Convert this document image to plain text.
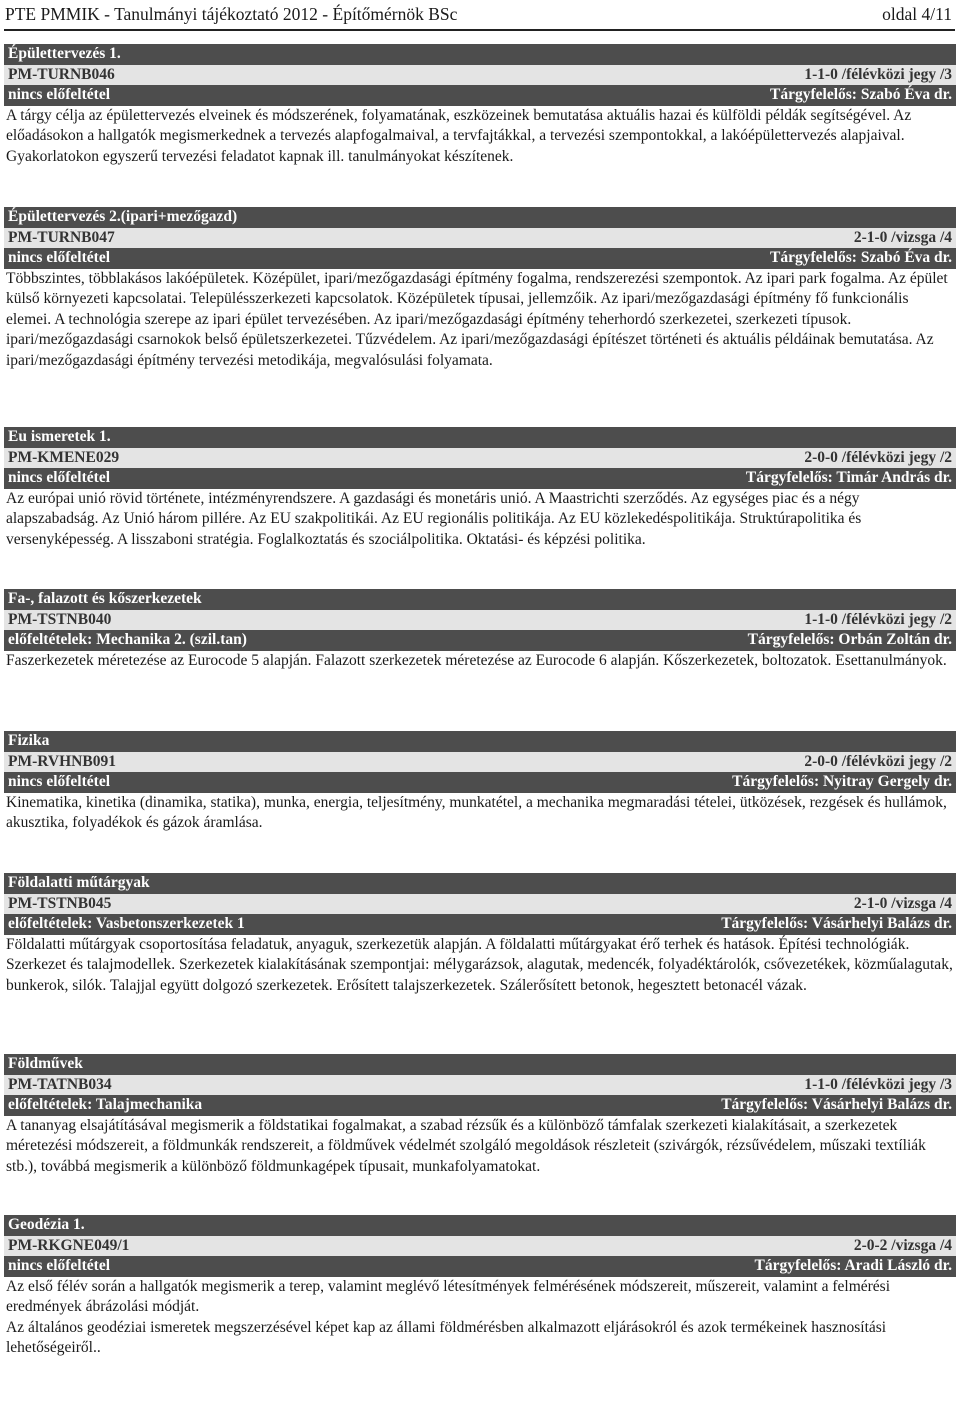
PTE PMMIK - Tanulmányi tájékoztató 2012 - Építőmérnök BSc	oldal 4/11
Épülettervezés 1.
PM-TURNB046	1-1-0 /félévközi jegy /3
nincs előfeltétel	Tárgyfelelős: Szabó Éva dr.

A tárgy célja az épülettervezés elveinek és módszerének, folyamatának, eszközeinek bemutatása aktuális hazai és külföldi példák segítségével. Az előadásokon a hallgatók megismerkednek a tervezés alapfogalmaival, a tervfajtákkal, a tervezési szempontokkal, a lakóépülettervezés alapjaival. Gyakorlatokon egyszerű tervezési feladatot kapnak ill. tanulmányokat készítenek.

Épülettervezés 2.(ipari+mezőgazd)
PM-TURNB047	2-1-0 /vizsga /4
nincs előfeltétel	Tárgyfelelős: Szabó Éva dr.

Többszintes, többlakásos lakóépületek. Középület, ipari/mezőgazdasági építmény fogalma, rendszerezési szempontok. Az ipari park fogalma. Az épület külső környezeti kapcsolatai. Településszerkezeti kapcsolatok. Középületek típusai, jellemzőik. Az ipari/mezőgazdasági építmény fő funkcionális elemei. A technológia szerepe az ipari épület tervezésében. Az ipari/mezőgazdasági építmény teherhordó szerkezetei, szerkezeti típusok. ipari/mezőgazdasági csarnokok belső épületszerkezetei. Tűzvédelem. Az ipari/mezőgazdasági építészet történeti és aktuális példáinak bemutatása. Az ipari/mezőgazdasági építmény tervezési metodikája, megvalósulási folyamata.

Eu ismeretek 1.
PM-KMENE029	2-0-0 /félévközi jegy /2
nincs előfeltétel	Tárgyfelelős: Timár András dr.

Az európai unió rövid története, intézményrendszere. A gazdasági és monetáris unió. A Maastrichti szerződés. Az egységes piac és a négy alapszabadság. Az Unió három pillére. Az EU szakpolitikái. Az EU regionális politikája. Az EU közlekedéspolitikája. Struktúrapolitika és versenyképesség. A lisszaboni stratégia. Foglalkoztatás és szociálpolitika. Oktatási- és képzési politika.

Fa-, falazott és kőszerkezetek
PM-TSTNB040	1-1-0 /félévközi jegy /2
előfeltételek: Mechanika 2. (szil.tan)	Tárgyfelelős: Orbán Zoltán dr.

Faszerkezetek méretezése az Eurocode 5 alapján. Falazott szerkezetek méretezése az Eurocode 6 alapján. Kőszerkezetek, boltozatok. Esettanulmányok.

Fizika
PM-RVHNB091	2-0-0 /félévközi jegy /2
nincs előfeltétel	Tárgyfelelős: Nyitray Gergely dr.

Kinematika, kinetika (dinamika, statika), munka, energia, teljesítmény, munkatétel, a mechanika megmaradási tételei, ütközések, rezgések és hullámok, akusztika, folyadékok és gázok áramlása.

Földalatti műtárgyak
PM-TSTNB045	2-1-0 /vizsga /4
előfeltételek: Vasbetonszerkezetek 1	Tárgyfelelős: Vásárhelyi Balázs dr.

Földalatti műtárgyak csoportosítása feladatuk, anyaguk, szerkezetük alapján. A földalatti műtárgyakat érő terhek és hatások. Építési technológiák. Szerkezet és talajmodellek. Szerkezetek kialakításának szempontjai: mélygarázsok, alagutak, medencék, folyadéktárolók, csővezetékek, közműalagutak, bunkerok, silók. Talajjal együtt dolgozó szerkezetek. Erősített talajszerkezetek. Szálerősített betonok, hegesztett betonacél vázak.

Földművek
PM-TATNB034	1-1-0 /félévközi jegy /3
előfeltételek: Talajmechanika	Tárgyfelelős: Vásárhelyi Balázs dr.

A tananyag elsajátításával megismerik a földstatikai fogalmakat, a szabad rézsűk és a különböző támfalak szerkezeti kialakításait, a szerkezetek méretezési módszereit, a földmunkák rendszereit, a földművek védelmét szolgáló megoldások részleteit (szivárgók, rézsűvédelem, műszaki textíliák stb.), továbbá megismerik a különböző földmunkagépek típusait, munkafolyamatokat.

Geodézia 1.
PM-RKGNE049/1	2-0-2 /vizsga /4
nincs előfeltétel	Tárgyfelelős: Aradi László dr.

Az első félév során a hallgatók megismerik a terep, valamint meglévő létesítmények felmérésének módszereit, műszereit, valamint a felmérési eredmények ábrázolási módját.

Az általános geodéziai ismeretek megszerzésével képet kap az állami földmérésben alkalmazott eljárásokról és azok termékeinek hasznosítási lehetőségeiről..
